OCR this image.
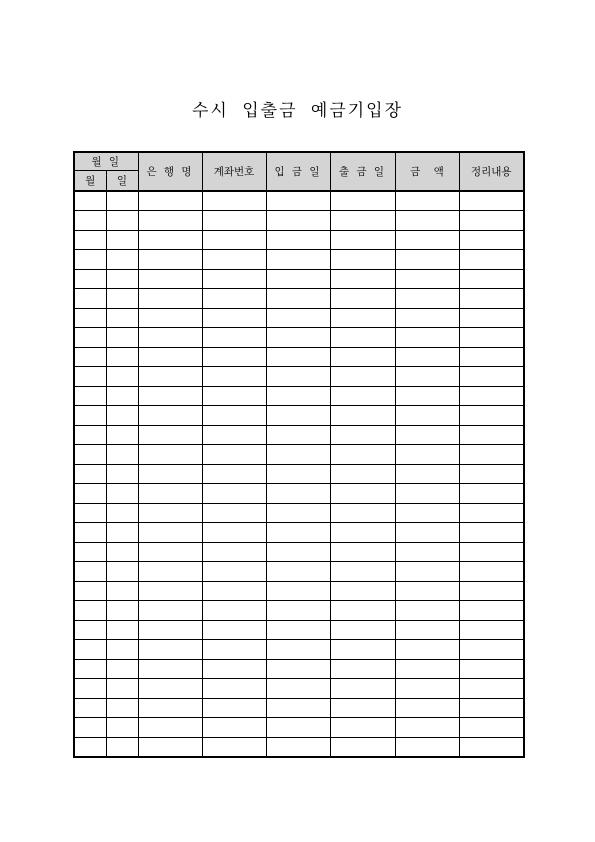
수시 입출금 예금기입장
월 일		은 행 명	계좌번호	입 금 일	출 금 일	금    액	정리내용
월	일						
